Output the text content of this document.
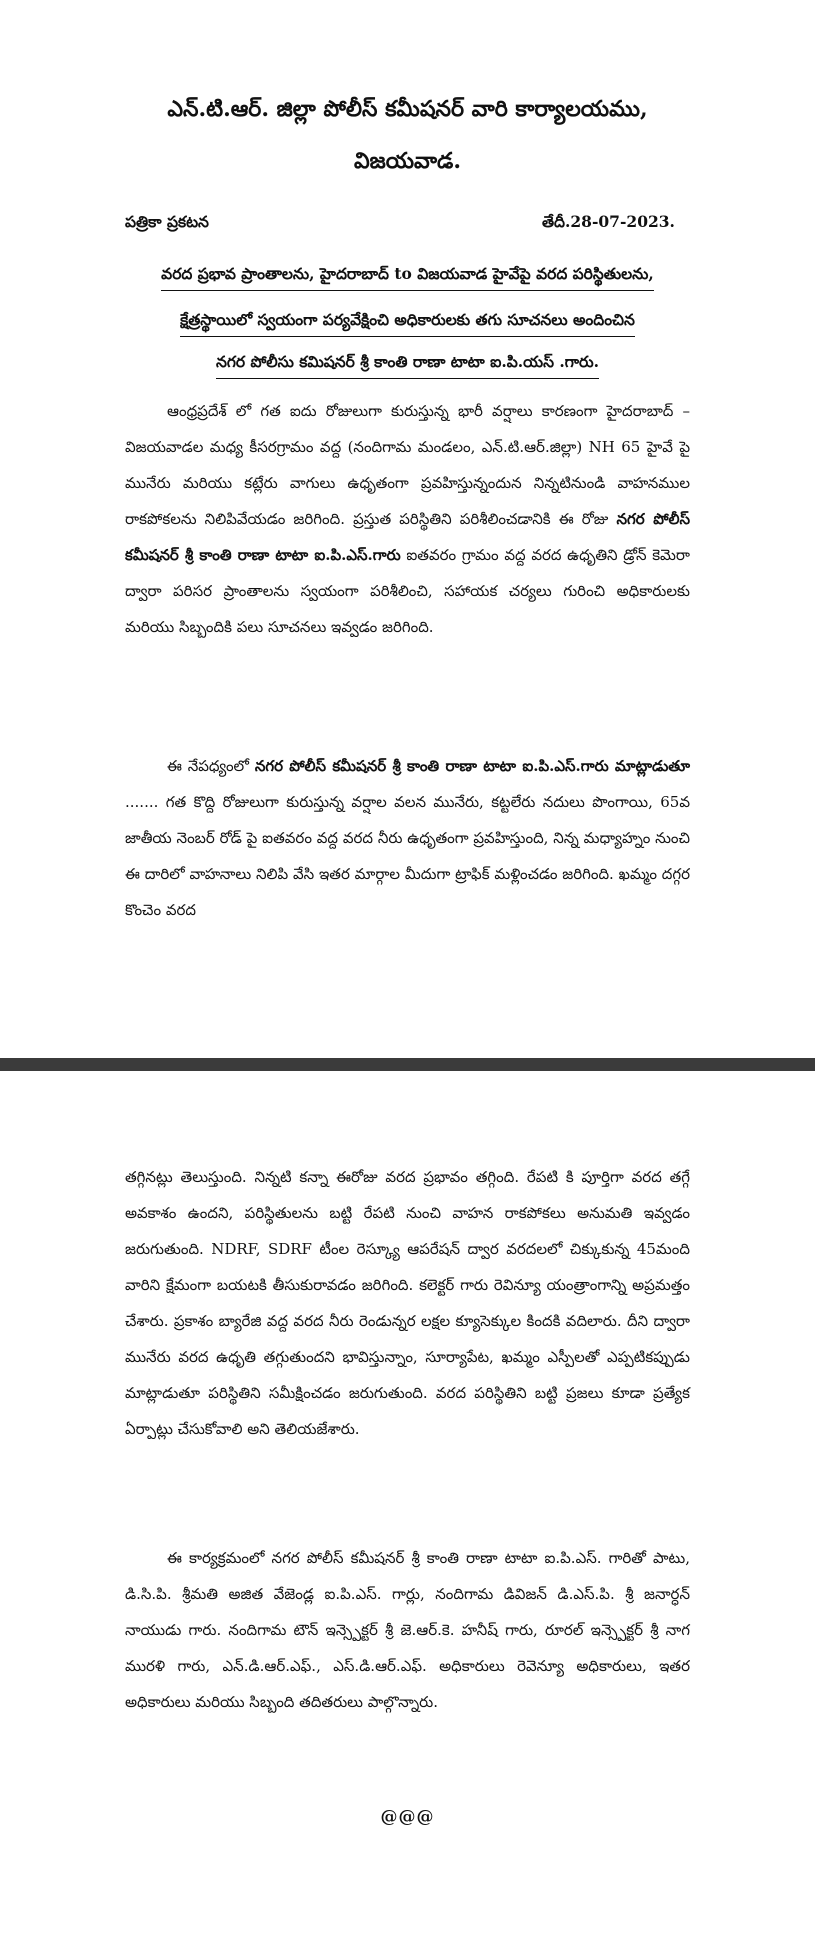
ఎన్.టి.ఆర్. జిల్లా పోలీస్ కమీషనర్ వారి కార్యాలయము,
విజయవాడ.
పత్రికా ప్రకటన	తేదీ.28-07-2023.
వరద ప్రభావ ప్రాంతాలను, హైదరాబాద్ to విజయవాడ హైవేపై వరద పరిస్థితులను,
క్షేత్రస్థాయిలో స్వయంగా పర్యవేక్షించి అధికారులకు తగు సూచనలు అందించిన
నగర పోలీసు కమిషనర్ శ్రీ కాంతి రాణా టాటా ఐ.పి.యస్ .గారు.

ఆంధ్రప్రదేశ్ లో గత ఐదు రోజులుగా కురుస్తున్న భారీ వర్షాలు కారణంగా హైదరాబాద్ – విజయవాడల మధ్య కీసరగ్రామం వద్ద (నందిగామ మండలం, ఎన్.టి.ఆర్.జిల్లా) NH 65 హైవే పై మునేరు మరియు కట్లేరు వాగులు ఉధృతంగా ప్రవహిస్తున్నందున నిన్నటినుండి వాహనముల రాకపోకలను నిలిపివేయడం జరిగింది. ప్రస్తుత పరిస్థితిని పరిశీలించడానికి ఈ రోజు నగర పోలీస్ కమీషనర్ శ్రీ కాంతి రాణా టాటా ఐ.పి.ఎస్.గారు ఐతవరం గ్రామం వద్ద వరద ఉధృతిని డ్రోన్ కెమెరా ద్వారా పరిసర ప్రాంతాలను స్వయంగా పరిశీలించి, సహాయక చర్యలు గురించి అధికారులకు మరియు సిబ్బందికి పలు సూచనలు ఇవ్వడం జరిగింది.

ఈ నేపధ్యంలో నగర పోలీస్ కమీషనర్ శ్రీ కాంతి రాణా టాటా ఐ.పి.ఎస్.గారు మాట్లాడుతూ ....... గత కొద్ది రోజులుగా కురుస్తున్న వర్షాల వలన మునేరు, కట్టలేరు నదులు పొంగాయి, 65వ జాతీయ నెంబర్ రోడ్ పై ఐతవరం వద్ద వరద నీరు ఉధృతంగా ప్రవహిస్తుంది, నిన్న మధ్యాహ్నం నుంచి ఈ దారిలో వాహనాలు నిలిపి వేసి ఇతర మార్గాల మీదుగా ట్రాఫిక్ మళ్లించడం జరిగింది. ఖమ్మం దగ్గర కొంచెం వరద

తగ్గినట్లు తెలుస్తుంది. నిన్నటి కన్నా ఈరోజు వరద ప్రభావం తగ్గింది. రేపటి కి పూర్తిగా వరద తగ్గే అవకాశం ఉందని, పరిస్థితులను బట్టి రేపటి నుంచి వాహన రాకపోకలు అనుమతి ఇవ్వడం జరుగుతుంది. NDRF, SDRF టీంల రెస్క్యూ ఆపరేషన్ ద్వార వరదలలో చిక్కుకున్న 45మంది వారిని క్షేమంగా బయటకి తీసుకురావడం జరిగింది. కలెక్టర్ గారు రెవిన్యూ యంత్రాంగాన్ని అప్రమత్తం చేశారు. ప్రకాశం బ్యారేజి వద్ద వరద నీరు రెండున్నర లక్షల క్యూసెక్కుల కిందకి వదిలారు. దీని ద్వారా మునేరు వరద ఉధృతి తగ్గుతుందని భావిస్తున్నాం, సూర్యాపేట, ఖమ్మం ఎస్పీలతో ఎప్పటికప్పుడు మాట్లాడుతూ పరిస్థితిని సమీక్షించడం జరుగుతుంది. వరద పరిస్థితిని బట్టి ప్రజలు కూడా ప్రత్యేక ఏర్పాట్లు చేసుకోవాలి అని తెలియజేశారు.

ఈ కార్యక్రమంలో నగర పోలీస్ కమీషనర్ శ్రీ కాంతి రాణా టాటా ఐ.పి.ఎస్. గారితో పాటు, డి.సి.పి. శ్రీమతి అజిత వేజెండ్ల ఐ.పి.ఎస్. గార్లు, నందిగామ డివిజన్ డి.ఎస్.పి. శ్రీ జనార్ధన్ నాయుడు గారు. నందిగామ టౌన్ ఇన్స్పెక్టర్ శ్రీ జె.ఆర్.కె. హనీష్ గారు, రూరల్ ఇన్స్పెక్టర్ శ్రీ నాగ మురళి గారు, ఎన్.డి.ఆర్.ఎఫ్., ఎస్.డి.ఆర్.ఎఫ్. అధికారులు రెవెన్యూ అధికారులు, ఇతర అధికారులు మరియు సిబ్బంది తదితరులు పాల్గొన్నారు.

@@@
